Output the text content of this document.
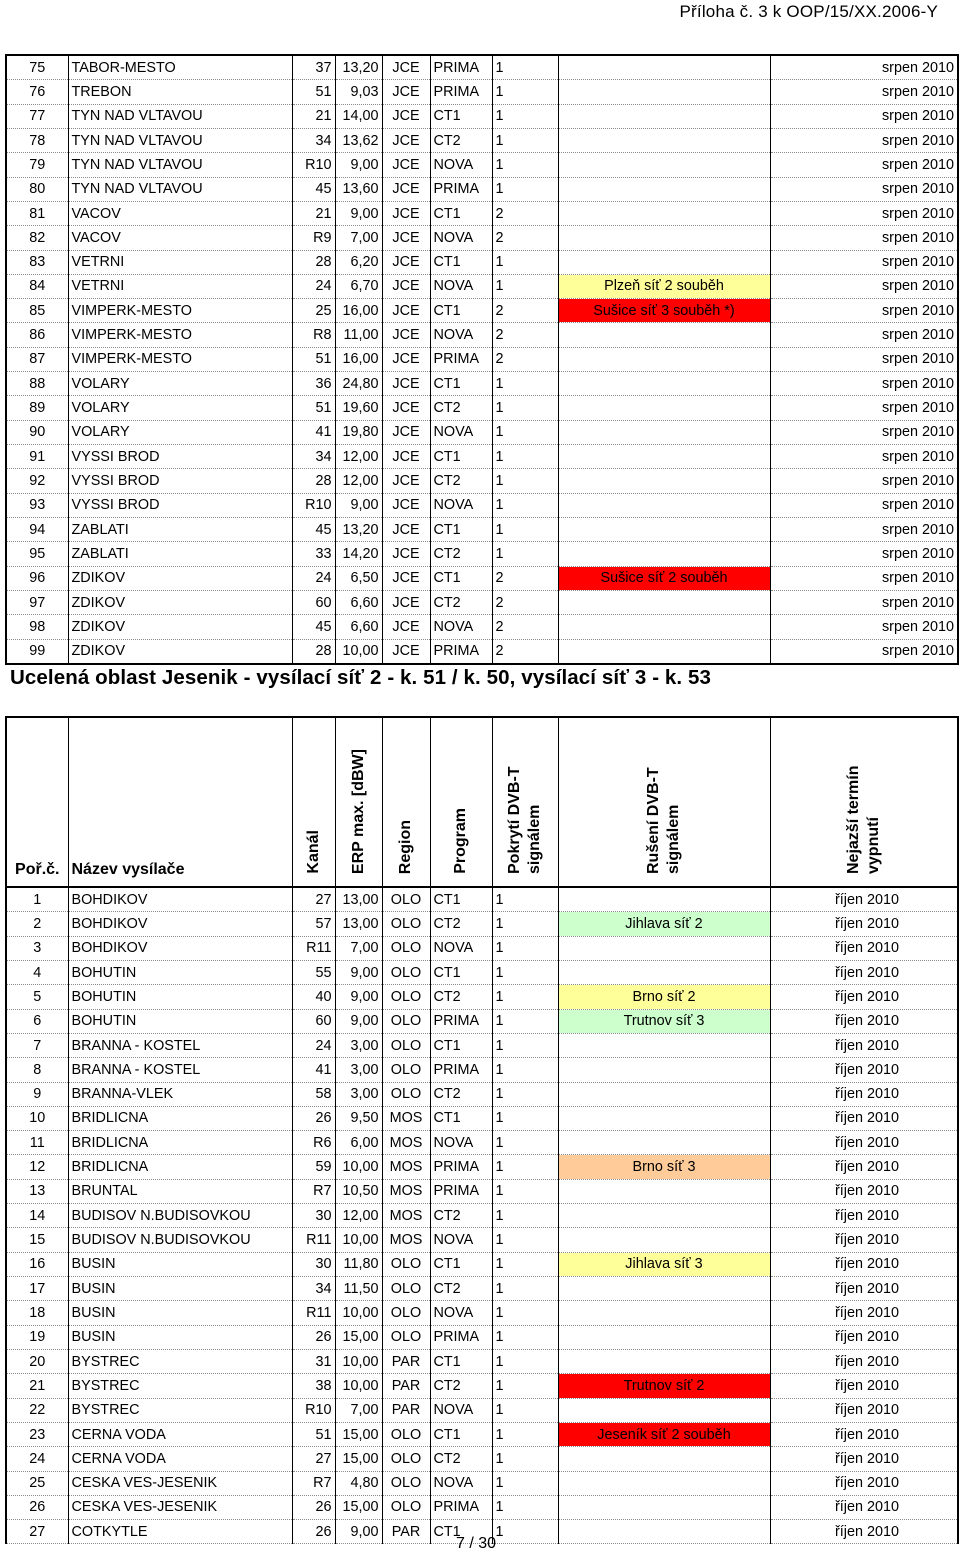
Příloha č. 3 k OOP/15/XX.2006-Y
75	TABOR-MESTO	37	13,20	JCE	PRIMA	1		srpen 2010
76	TREBON	51	9,03	JCE	PRIMA	1		srpen 2010
77	TYN NAD VLTAVOU	21	14,00	JCE	CT1	1		srpen 2010
78	TYN NAD VLTAVOU	34	13,62	JCE	CT2	1		srpen 2010
79	TYN NAD VLTAVOU	R10	9,00	JCE	NOVA	1		srpen 2010
80	TYN NAD VLTAVOU	45	13,60	JCE	PRIMA	1		srpen 2010
81	VACOV	21	9,00	JCE	CT1	2		srpen 2010
82	VACOV	R9	7,00	JCE	NOVA	2		srpen 2010
83	VETRNI	28	6,20	JCE	CT1	1		srpen 2010
84	VETRNI	24	6,70	JCE	NOVA	1	Plzeň síť 2 souběh	srpen 2010
85	VIMPERK-MESTO	25	16,00	JCE	CT1	2	Sušice síť 3 souběh *)	srpen 2010
86	VIMPERK-MESTO	R8	11,00	JCE	NOVA	2		srpen 2010
87	VIMPERK-MESTO	51	16,00	JCE	PRIMA	2		srpen 2010
88	VOLARY	36	24,80	JCE	CT1	1		srpen 2010
89	VOLARY	51	19,60	JCE	CT2	1		srpen 2010
90	VOLARY	41	19,80	JCE	NOVA	1		srpen 2010
91	VYSSI BROD	34	12,00	JCE	CT1	1		srpen 2010
92	VYSSI BROD	28	12,00	JCE	CT2	1		srpen 2010
93	VYSSI BROD	R10	9,00	JCE	NOVA	1		srpen 2010
94	ZABLATI	45	13,20	JCE	CT1	1		srpen 2010
95	ZABLATI	33	14,20	JCE	CT2	1		srpen 2010
96	ZDIKOV	24	6,50	JCE	CT1	2	Sušice síť 2 souběh	srpen 2010
97	ZDIKOV	60	6,60	JCE	CT2	2		srpen 2010
98	ZDIKOV	45	6,60	JCE	NOVA	2		srpen 2010
99	ZDIKOV	28	10,00	JCE	PRIMA	2		srpen 2010
Ucelená oblast Jesenik - vysílací síť 2 - k. 51 / k. 50, vysílací síť 3 - k. 53
Poř.č.	Název vysílače	Kanál	ERP max. [dBW]	Region	Program	Pokrytí DVB-T signálem	Rušení DVB-T signálem	Nejazší termín vypnutí
1	BOHDIKOV	27	13,00	OLO	CT1	1		říjen 2010
2	BOHDIKOV	57	13,00	OLO	CT2	1	Jihlava síť 2	říjen 2010
3	BOHDIKOV	R11	7,00	OLO	NOVA	1		říjen 2010
4	BOHUTIN	55	9,00	OLO	CT1	1		říjen 2010
5	BOHUTIN	40	9,00	OLO	CT2	1	Brno síť 2	říjen 2010
6	BOHUTIN	60	9,00	OLO	PRIMA	1	Trutnov síť 3	říjen 2010
7	BRANNA - KOSTEL	24	3,00	OLO	CT1	1		říjen 2010
8	BRANNA - KOSTEL	41	3,00	OLO	PRIMA	1		říjen 2010
9	BRANNA-VLEK	58	3,00	OLO	CT2	1		říjen 2010
10	BRIDLICNA	26	9,50	MOS	CT1	1		říjen 2010
11	BRIDLICNA	R6	6,00	MOS	NOVA	1		říjen 2010
12	BRIDLICNA	59	10,00	MOS	PRIMA	1	Brno síť 3	říjen 2010
13	BRUNTAL	R7	10,50	MOS	PRIMA	1		říjen 2010
14	BUDISOV N.BUDISOVKOU	30	12,00	MOS	CT2	1		říjen 2010
15	BUDISOV N.BUDISOVKOU	R11	10,00	MOS	NOVA	1		říjen 2010
16	BUSIN	30	11,80	OLO	CT1	1	Jihlava síť 3	říjen 2010
17	BUSIN	34	11,50	OLO	CT2	1		říjen 2010
18	BUSIN	R11	10,00	OLO	NOVA	1		říjen 2010
19	BUSIN	26	15,00	OLO	PRIMA	1		říjen 2010
20	BYSTREC	31	10,00	PAR	CT1	1		říjen 2010
21	BYSTREC	38	10,00	PAR	CT2	1	Trutnov síť 2	říjen 2010
22	BYSTREC	R10	7,00	PAR	NOVA	1		říjen 2010
23	CERNA VODA	51	15,00	OLO	CT1	1	Jeseník síť 2 souběh	říjen 2010
24	CERNA VODA	27	15,00	OLO	CT2	1		říjen 2010
25	CESKA VES-JESENIK	R7	4,80	OLO	NOVA	1		říjen 2010
26	CESKA VES-JESENIK	26	15,00	OLO	PRIMA	1		říjen 2010
27	COTKYTLE	26	9,00	PAR	CT1	1		říjen 2010
7 / 30
